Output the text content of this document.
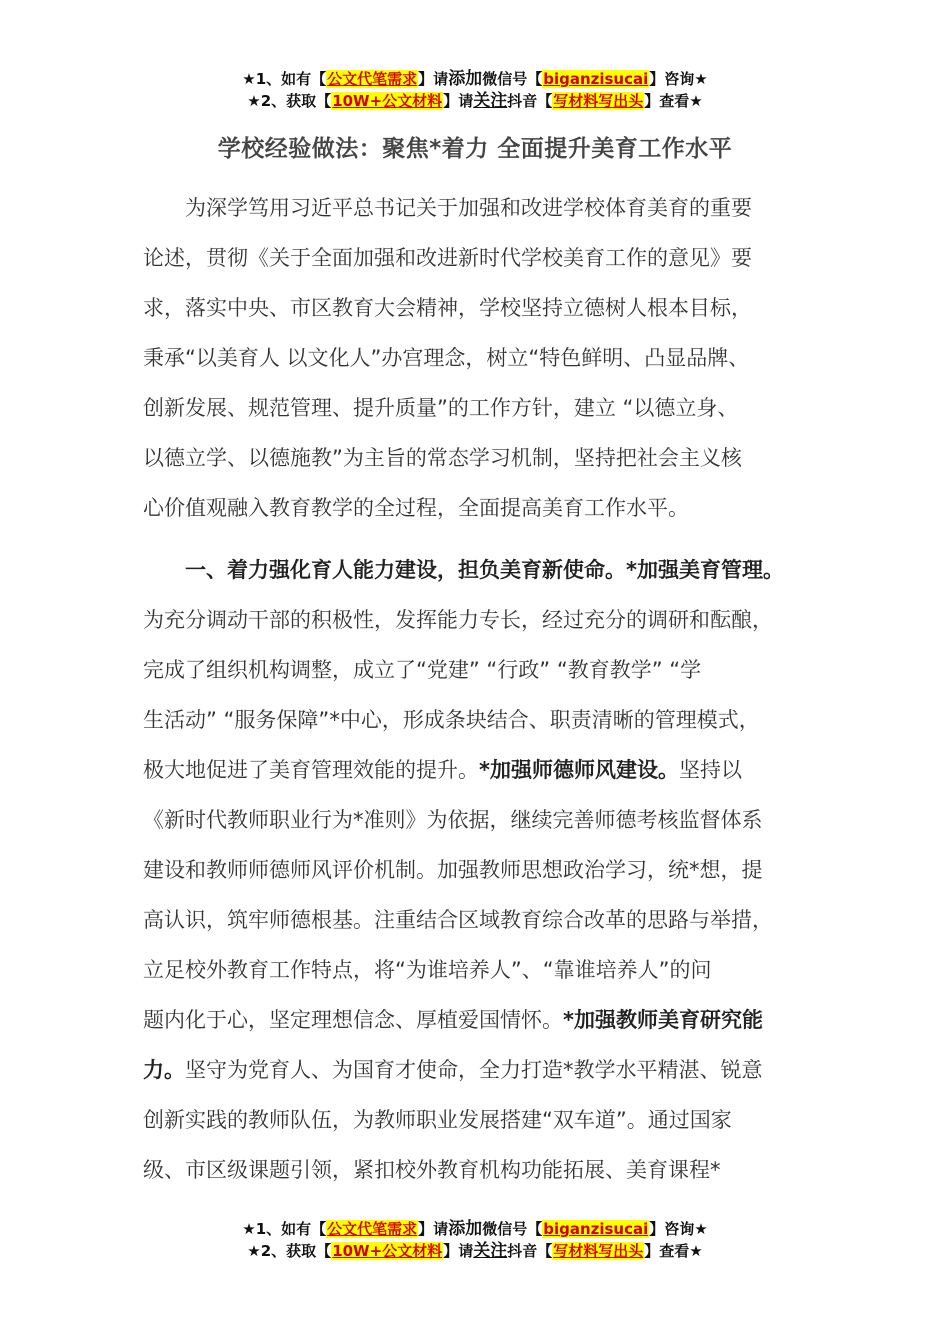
★1、如有【公文代笔需求】请添加微信号【biganzisucai】咨询★
★2、获取【10W+公文材料】请关注抖音【写材料写出头】查看★
学校经验做法：聚焦*着力 全面提升美育工作水平
　　为深学笃用习近平总书记关于加强和改进学校体育美育的重要
论述，贯彻《关于全面加强和改进新时代学校美育工作的意见》要
求，落实中央、市区教育大会精神，学校坚持立德树人根本目标，
秉承“以美育人 以文化人”办宫理念，树立“特色鲜明、凸显品牌、
创新发展、规范管理、提升质量”的工作方针，建立 “以德立身、
以德立学、以德施教”为主旨的常态学习机制，坚持把社会主义核
心价值观融入教育教学的全过程，全面提高美育工作水平。
　　一、着力强化育人能力建设，担负美育新使命。*加强美育管理。
为充分调动干部的积极性，发挥能力专长，经过充分的调研和酝酿，
完成了组织机构调整，成立了“党建” “行政” “教育教学” “学
生活动” “服务保障”*中心，形成条块结合、职责清晰的管理模式，
极大地促进了美育管理效能的提升。*加强师德师风建设。坚持以
《新时代教师职业行为*准则》为依据，继续完善师德考核监督体系
建设和教师师德师风评价机制。加强教师思想政治学习，统*想，提
高认识，筑牢师德根基。注重结合区域教育综合改革的思路与举措，
立足校外教育工作特点，将“为谁培养人”、“靠谁培养人”的问
题内化于心，坚定理想信念、厚植爱国情怀。*加强教师美育研究能
力。坚守为党育人、为国育才使命，全力打造*教学水平精湛、锐意
创新实践的教师队伍，为教师职业发展搭建“双车道”。通过国家
级、市区级课题引领，紧扣校外教育机构功能拓展、美育课程*
★1、如有【公文代笔需求】请添加微信号【biganzisucai】咨询★
★2、获取【10W+公文材料】请关注抖音【写材料写出头】查看★
